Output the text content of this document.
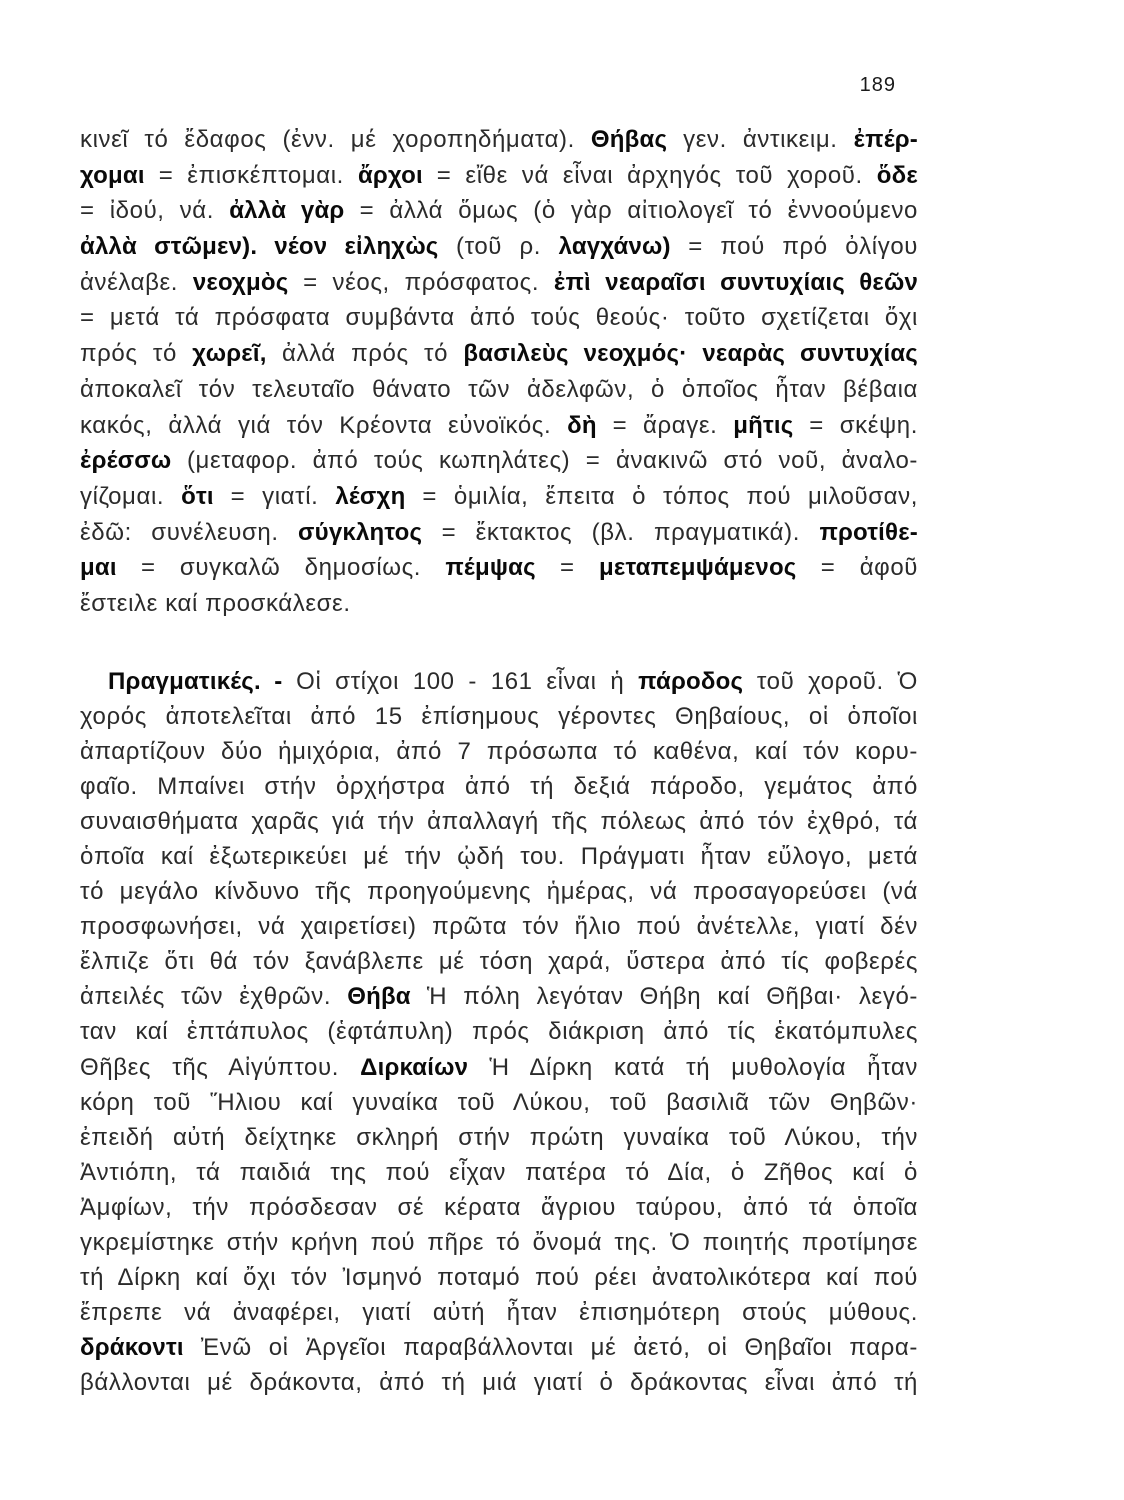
189
κινεῖ τό ἔδαφος (ἐνν. μέ χοροπηδήματα). Θήβας γεν. ἀντικειμ. ἐπέρ-
χομαι = ἐπισκέπτομαι. ἄρχοι = εἴθε νά εἶναι ἀρχηγός τοῦ χοροῦ. ὅδε
= ἰδού, νά. ἀλλὰ γὰρ = ἀλλά ὅμως (ὁ γὰρ αἰτιολογεῖ τό ἐννοούμενο
ἀλλὰ στῶμεν). νέον εἰληχὼς (τοῦ ρ. λαγχάνω) = πού πρό ὀλίγου
ἀνέλαβε. νεοχμὸς = νέος, πρόσφατος. ἐπὶ νεαραῖσι συντυχίαις θεῶν
= μετά τά πρόσφατα συμβάντα ἀπό τούς θεούς· τοῦτο σχετίζεται ὄχι
πρός τό χωρεῖ, ἀλλά πρός τό βασιλεὺς νεοχμός· νεαρὰς συντυχίας
ἀποκαλεῖ τόν τελευταῖο θάνατο τῶν ἀδελφῶν, ὁ ὁποῖος ἦταν βέβαια
κακός, ἀλλά γιά τόν Κρέοντα εὐνοϊκός. δὴ = ἄραγε. μῆτις = σκέψη.
ἐρέσσω (μεταφορ. ἀπό τούς κωπηλάτες) = ἀνακινῶ στό νοῦ, ἀναλο-
γίζομαι. ὅτι = γιατί. λέσχη = ὁμιλία, ἔπειτα ὁ τόπος πού μιλοῦσαν,
ἐδῶ: συνέλευση. σύγκλητος = ἔκτακτος (βλ. πραγματικά). προτίθε-
μαι = συγκαλῶ δημοσίως. πέμψας = μεταπεμψάμενος = ἀφοῦ
ἔστειλε καί προσκάλεσε.
Πραγματικές. - Οἱ στίχοι 100 - 161 εἶναι ἡ πάροδος τοῦ χοροῦ. Ὁ
χορός ἀποτελεῖται ἀπό 15 ἐπίσημους γέροντες Θηβαίους, οἱ ὁποῖοι
ἀπαρτίζουν δύο ἡμιχόρια, ἀπό 7 πρόσωπα τό καθένα, καί τόν κορυ-
φαῖο. Μπαίνει στήν ὀρχήστρα ἀπό τή δεξιά πάροδο, γεμάτος ἀπό
συναισθήματα χαρᾶς γιά τήν ἀπαλλαγή τῆς πόλεως ἀπό τόν ἐχθρό, τά
ὁποῖα καί ἐξωτερικεύει μέ τήν ᾠδή του. Πράγματι ἦταν εὔλογο, μετά
τό μεγάλο κίνδυνο τῆς προηγούμενης ἡμέρας, νά προσαγορεύσει (νά
προσφωνήσει, νά χαιρετίσει) πρῶτα τόν ἥλιο πού ἀνέτελλε, γιατί δέν
ἔλπιζε ὅτι θά τόν ξανάβλεπε μέ τόση χαρά, ὕστερα ἀπό τίς φοβερές
ἀπειλές τῶν ἐχθρῶν. Θήβα Ἡ πόλη λεγόταν Θήβη καί Θῆβαι· λεγό-
ταν καί ἑπτάπυλος (ἑφτάπυλη) πρός διάκριση ἀπό τίς ἑκατόμπυλες
Θῆβες τῆς Αἰγύπτου. Διρκαίων Ἡ Δίρκη κατά τή μυθολογία ἦταν
κόρη τοῦ Ἥλιου καί γυναίκα τοῦ Λύκου, τοῦ βασιλιᾶ τῶν Θηβῶν·
ἐπειδή αὐτή δείχτηκε σκληρή στήν πρώτη γυναίκα τοῦ Λύκου, τήν
Ἀντιόπη, τά παιδιά της πού εἶχαν πατέρα τό Δία, ὁ Ζῆθος καί ὁ
Ἀμφίων, τήν πρόσδεσαν σέ κέρατα ἄγριου ταύρου, ἀπό τά ὁποῖα
γκρεμίστηκε στήν κρήνη πού πῆρε τό ὄνομά της. Ὁ ποιητής προτίμησε
τή Δίρκη καί ὄχι τόν Ἰσμηνό ποταμό πού ρέει ἀνατολικότερα καί πού
ἔπρεπε νά ἀναφέρει, γιατί αὐτή ἦταν ἐπισημότερη στούς μύθους.
δράκοντι Ἐνῶ οἱ Ἀργεῖοι παραβάλλονται μέ ἀετό, οἱ Θηβαῖοι παρα-
βάλλονται μέ δράκοντα, ἀπό τή μιά γιατί ὁ δράκοντας εἶναι ἀπό τή
